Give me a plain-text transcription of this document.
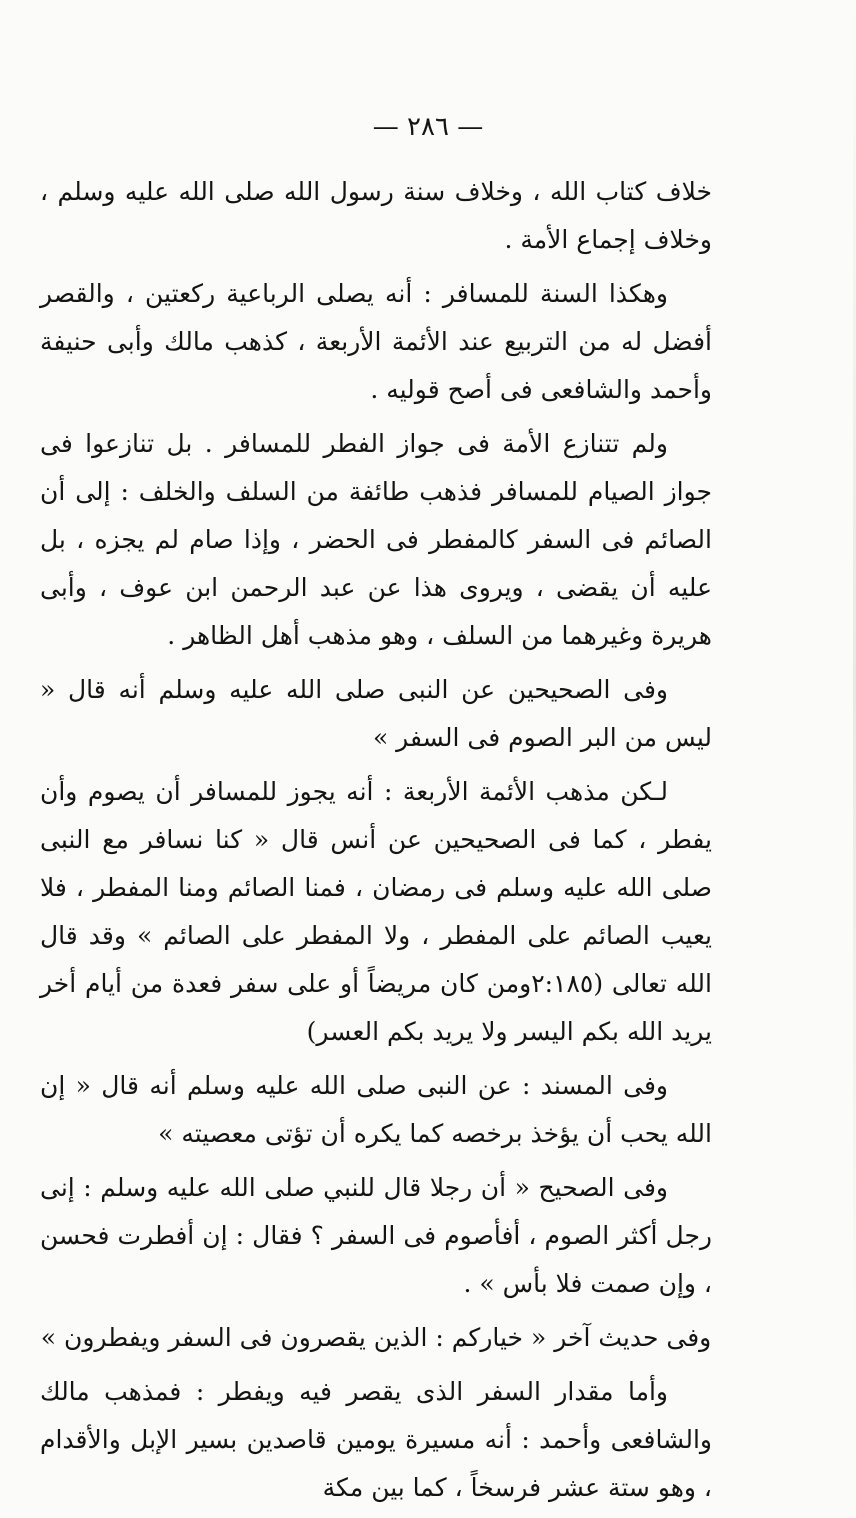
— ٢٨٦ —

خلاف كتاب الله ، وخلاف سنة رسول الله صلى الله عليه وسلم ، وخلاف إجماع الأمة .

وهكذا السنة للمسافر : أنه يصلى الرباعية ركعتين ، والقصر أفضل له من التربيع عند الأئمة الأربعة ، كذهب مالك وأبى حنيفة وأحمد والشافعى فى أصح قوليه .

ولم تتنازع الأمة فى جواز الفطر للمسافر . بل تنازعوا فى جواز الصيام للمسافر فذهب طائفة من السلف والخلف : إلى أن الصائم فى السفر كالمفطر فى الحضر ، وإذا صام لم يجزه ، بل عليه أن يقضى ، ويروى هذا عن عبد الرحمن ابن عوف ، وأبى هريرة وغيرهما من السلف ، وهو مذهب أهل الظاهر .

وفى الصحيحين عن النبى صلى الله عليه وسلم أنه قال « ليس من البر الصوم فى السفر »

لـكن مذهب الأئمة الأربعة : أنه يجوز للمسافر أن يصوم وأن يفطر ، كما فى الصحيحين عن أنس قال « كنا نسافر مع النبى صلى الله عليه وسلم فى رمضان ، فمنا الصائم ومنا المفطر ، فلا يعيب الصائم على المفطر ، ولا المفطر على الصائم » وقد قال الله تعالى (٢:١٨٥ومن كان مريضاً أو على سفر فعدة من أيام أخر يريد الله بكم اليسر ولا يريد بكم العسر)

وفى المسند : عن النبى صلى الله عليه وسلم أنه قال « إن الله يحب أن يؤخذ برخصه كما يكره أن تؤتى معصيته »

وفى الصحيح « أن رجلا قال للنبي صلى الله عليه وسلم : إنى رجل أكثر الصوم ، أفأصوم فى السفر ؟ فقال : إن أفطرت فحسن ، وإن صمت فلا بأس » .

وفى حديث آخر « خياركم : الذين يقصرون فى السفر ويفطرون »

وأما مقدار السفر الذى يقصر فيه ويفطر : فمذهب مالك والشافعى وأحمد : أنه مسيرة يومين قاصدين بسير الإبل والأقدام ، وهو ستة عشر فرسخاً ، كما بين مكة
